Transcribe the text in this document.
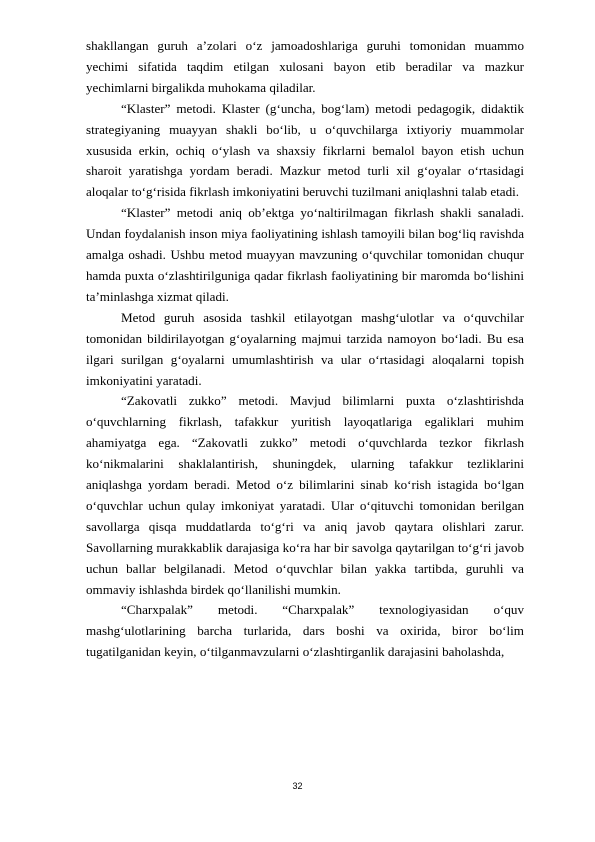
shakllangan guruh a’zolari o‘z jamoadoshlariga guruhi tomonidan muammo yechimi sifatida taqdim etilgan xulosani bayon etib beradilar va mazkur yechimlarni birgalikda muhokama qiladilar.

“Klaster” metodi. Klaster (g‘uncha, bog‘lam) metodi pedagogik, didaktik strategiyaning muayyan shakli bo‘lib, u o‘quvchilarga ixtiyoriy muammolar xususida erkin, ochiq o‘ylash va shaxsiy fikrlarni bemalol bayon etish uchun sharoit yaratishga yordam beradi. Mazkur metod turli xil g‘oyalar o‘rtasidagi aloqalar to‘g‘risida fikrlash imkoniyatini beruvchi tuzilmani aniqlashni talab etadi.

“Klaster” metodi aniq ob’ektga yo‘naltirilmagan fikrlash shakli sanaladi. Undan foydalanish inson miya faoliyatining ishlash tamoyili bilan bog‘liq ravishda amalga oshadi. Ushbu metod muayyan mavzuning o‘quvchilar tomonidan chuqur hamda puxta o‘zlashtirilguniga qadar fikrlash faoliyatining bir maromda bo‘lishini ta’minlashga xizmat qiladi.

Metod guruh asosida tashkil etilayotgan mashg‘ulotlar va o‘quvchilar tomonidan bildirilayotgan g‘oyalarning majmui tarzida namoyon bo‘ladi. Bu esa ilgari surilgan g‘oyalarni umumlashtirish va ular o‘rtasidagi aloqalarni topish imkoniyatini yaratadi.

“Zakovatli zukko” metodi. Mavjud bilimlarni puxta o‘zlashtirishda o‘quvchlarning fikrlash, tafakkur yuritish layoqatlariga egaliklari muhim ahamiyatga ega. “Zakovatli zukko” metodi o‘quvchlarda tezkor fikrlash ko‘nikmalarini shaklalantirish, shuningdek, ularning tafakkur tezliklarini aniqlashga yordam beradi. Metod o‘z bilimlarini sinab ko‘rish istagida bo‘lgan o‘quvchlar uchun qulay imkoniyat yaratadi. Ular o‘qituvchi tomonidan berilgan savollarga qisqa muddatlarda to‘g‘ri va aniq javob qaytara olishlari zarur. Savollarning murakkablik darajasiga ko‘ra har bir savolga qaytarilgan to‘g‘ri javob uchun ballar belgilanadi. Metod o‘quvchlar bilan yakka tartibda, guruhli va ommaviy ishlashda birdek qo‘llanilishi mumkin.

“Charxpalak” metodi. “Charxpalak” texnologiyasidan o‘quv mashg‘ulotlarining barcha turlarida, dars boshi va oxirida, biror bo‘lim tugatilganidan keyin, o‘tilganmavzularni o‘zlashtirganlik darajasini baholashda,

32
